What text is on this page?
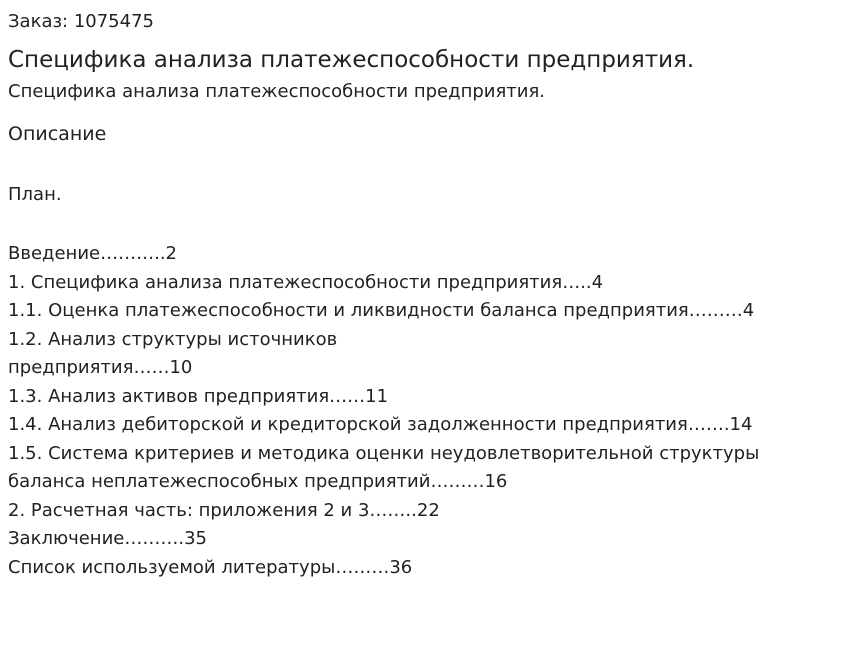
Заказ: 1075475
Специфика анализа платежеспособности предприятия.
Специфика анализа платежеспособности предприятия.
Описание
План.
Введение………..2
1. Специфика анализа платежеспособности предприятия…..4
1.1. Оценка платежеспособности и ликвидности баланса предприятия………4
1.2. Анализ структуры источников
предприятия……10
1.3. Анализ активов предприятия……11
1.4. Анализ дебиторской и кредиторской задолженности предприятия…….14
1.5. Система критериев и методика оценки неудовлетворительной структуры
баланса неплатежеспособных предприятий………16
2. Расчетная часть: приложения 2 и 3……..22
Заключение……….35
Список используемой литературы………36
